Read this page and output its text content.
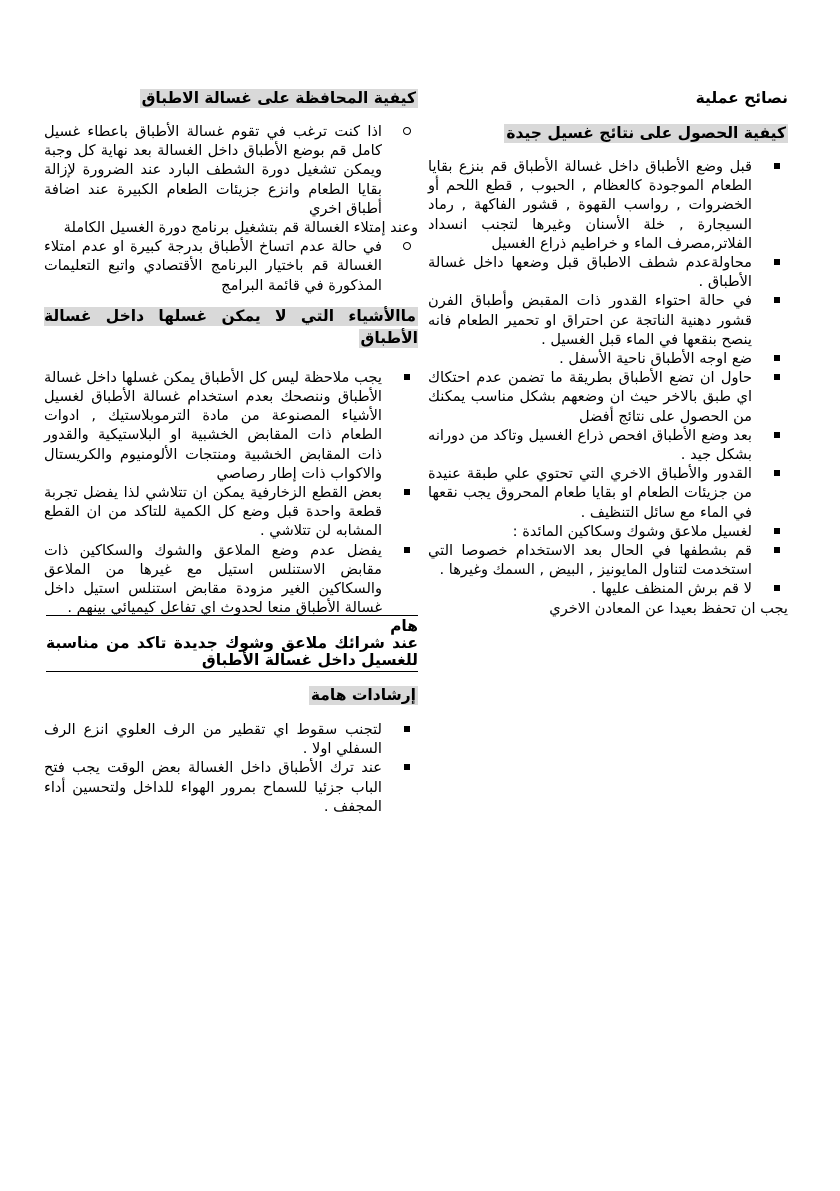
نصائح عملية
كيفية الحصول على نتائج غسيل جيدة
قبل وضع الأطباق داخل غسالة الأطباق قم بنزع بقايا الطعام الموجودة كالعظام , الحبوب , قطع اللحم أو الخضروات , رواسب القهوة , قشور الفاكهة , رماد السيجارة , خلة الأسنان وغيرها لتجنب انسداد الفلاتر,مصرف الماء و خراطيم ذراع الغسيل
محاولةعدم شطف الاطباق قبل وضعها داخل غسالة الأطباق .
في حالة احتواء القدور ذات المقبض وأطباق الفرن قشور دهنية الناتجة عن احتراق او تحمير الطعام فانه ينصح بنقعها في الماء قبل الغسيل .
ضع اوجه الأطباق ناحية الأسفل .
حاول ان تضع الأطباق بطريقة ما تضمن عدم احتكاك اي طبق بالاخر حيث ان وضعهم بشكل مناسب يمكنك من الحصول على نتائج أفضل
بعد وضع الأطباق افحص ذراع الغسيل وتاكد من دورانه بشكل جيد .
القدور والأطباق الاخري التي تحتوي علي طبقة عنيدة من جزيئات الطعام او بقايا طعام المحروق يجب نقعها في الماء مع سائل التنظيف .
لغسيل ملاعق وشوك وسكاكين المائدة :
قم بشطفها في الحال بعد الاستخدام خصوصا التي استخدمت لتناول المايونيز , البيض , السمك وغيرها .
لا قم برش المنظف عليها .

يجب ان تحفظ بعيدا عن المعادن الاخري

كيفية المحافظة على غسالة الاطباق
اذا كنت ترغب في تقوم غسالة الأطباق باعطاء غسيل كامل قم بوضع الأطباق داخل الغسالة بعد نهاية كل وجبة ويمكن تشغيل دورة الشطف البارد عند الضرورة لإزالة بقايا الطعام وانزع جزيئات الطعام الكبيرة عند اضافة أطباق اخري

وعند إمتلاء الغسالة قم بتشغيل برنامج دورة الغسيل الكاملة

في حالة عدم اتساخ الأطباق بدرجة كبيرة او عدم امتلاء الغسالة قم باختيار البرنامج الأقتصادي واتبع التعليمات المذكورة في قائمة البرامج
ماالأشياء التي لا يمكن غسلها داخل غسالة الأطباق
يجب ملاحظة ليس كل الأطباق يمكن غسلها داخل غسالة الأطباق وننصحك بعدم استخدام غسالة الأطباق لغسيل الأشياء المصنوعة من مادة الترموبلاستيك , ادوات الطعام ذات المقابض الخشبية او البلاستيكية والقدور ذات المقابض الخشبية ومنتجات الألومنيوم والكريستال والاكواب ذات إطار رصاصي
بعض القطع الزخارفية يمكن ان تتلاشي لذا يفضل تجربة قطعة واحدة قبل وضع كل الكمية للتاكد من ان القطع المشابه لن تتلاشي .
يفضل عدم وضع الملاعق والشوك والسكاكين ذات مقابض الاستنلس استيل مع غيرها من الملاعق والسكاكين الغير مزودة مقابض استنلس استيل داخل غسالة الأطباق منعا لحدوث اي تفاعل كيميائي بينهم .
هام
عند شرائك ملاعق وشوك جديدة تاكد من مناسبة للغسيل داخل غسالة الأطباق
إرشادات هامة
لتجنب سقوط اي تقطير من الرف العلوي انزع الرف السفلي اولا .
عند ترك الأطباق داخل الغسالة بعض الوقت يجب فتح الباب جزئيا للسماح بمرور الهواء للداخل ولتحسين أداء المجفف .
